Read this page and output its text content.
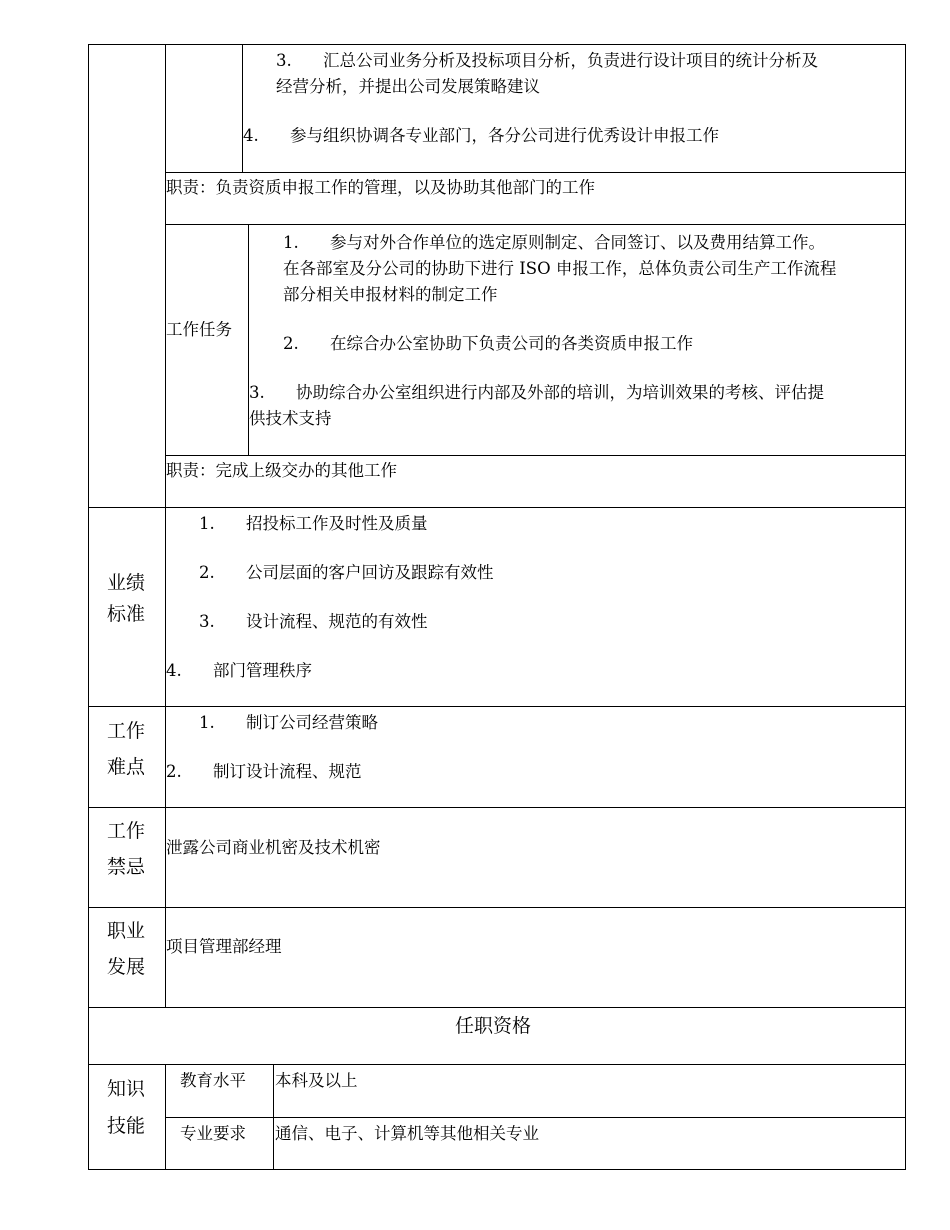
3. 汇总公司业务分析及投标项目分析，负责进行设计项目的统计分析及
经营分析，并提出公司发展策略建议
4. 参与组织协调各专业部门，各分公司进行优秀设计申报工作
职责：负责资质申报工作的管理，以及协助其他部门的工作
工作任务
1. 参与对外合作单位的选定原则制定、合同签订、以及费用结算工作。
在各部室及分公司的协助下进行 ISO 申报工作，总体负责公司生产工作流程
部分相关申报材料的制定工作
2. 在综合办公室协助下负责公司的各类资质申报工作
3. 协助综合办公室组织进行内部及外部的培训，为培训效果的考核、评估提
供技术支持
职责：完成上级交办的其他工作
业绩
标准
1. 招投标工作及时性及质量
2. 公司层面的客户回访及跟踪有效性
3. 设计流程、规范的有效性
4. 部门管理秩序
工作
难点
1. 制订公司经营策略
2. 制订设计流程、规范
工作
禁忌
泄露公司商业机密及技术机密
职业
发展
项目管理部经理
任职资格
知识
技能
教育水平 本科及以上
专业要求 通信、电子、计算机等其他相关专业
